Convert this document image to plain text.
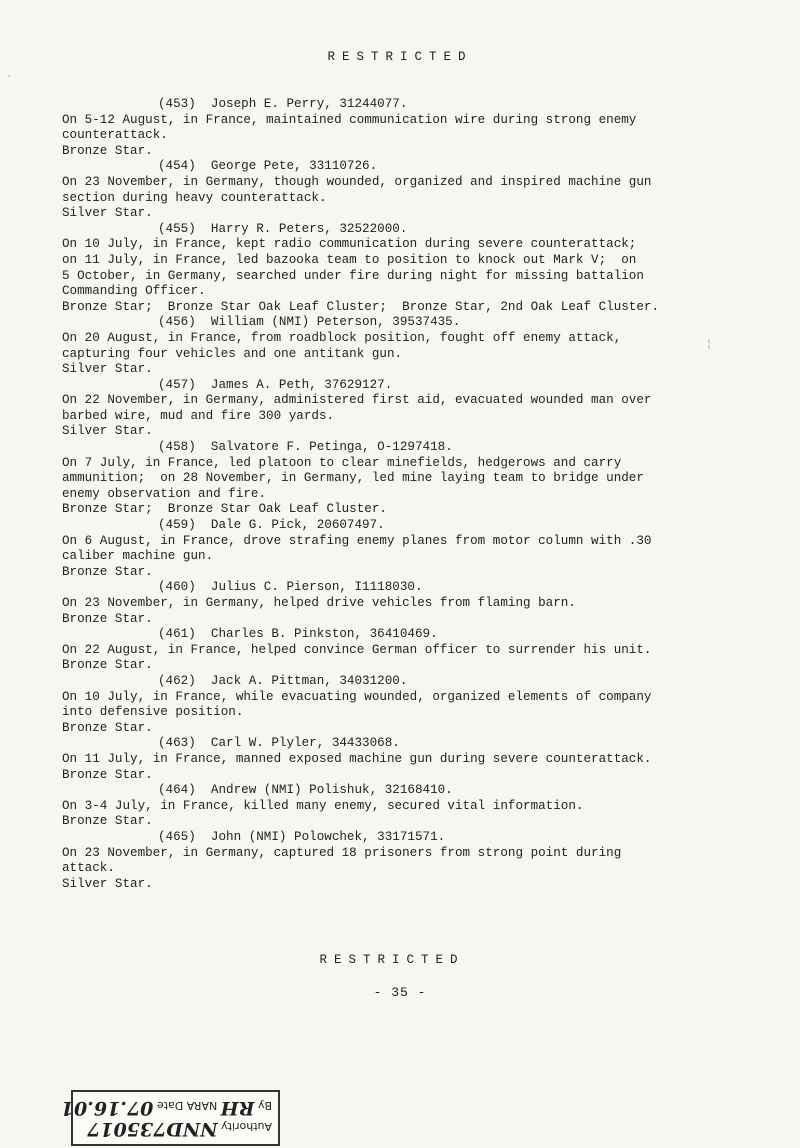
RESTRICTED
(453)  Joseph E. Perry, 31244077.
On 5-12 August, in France, maintained communication wire during strong enemy
counterattack.
Bronze Star.
(454)  George Pete, 33110726.
On 23 November, in Germany, though wounded, organized and inspired machine gun
section during heavy counterattack.
Silver Star.
(455)  Harry R. Peters, 32522000.
On 10 July, in France, kept radio communication during severe counterattack;
on 11 July, in France, led bazooka team to position to knock out Mark V;  on
5 October, in Germany, searched under fire during night for missing battalion
Commanding Officer.
Bronze Star;  Bronze Star Oak Leaf Cluster;  Bronze Star, 2nd Oak Leaf Cluster.
(456)  William (NMI) Peterson, 39537435.
On 20 August, in France, from roadblock position, fought off enemy attack,
capturing four vehicles and one antitank gun.
Silver Star.
(457)  James A. Peth, 37629127.
On 22 November, in Germany, administered first aid, evacuated wounded man over
barbed wire, mud and fire 300 yards.
Silver Star.
(458)  Salvatore F. Petinga, O-1297418.
On 7 July, in France, led platoon to clear minefields, hedgerows and carry
ammunition;  on 28 November, in Germany, led mine laying team to bridge under
enemy observation and fire.
Bronze Star;  Bronze Star Oak Leaf Cluster.
(459)  Dale G. Pick, 20607497.
On 6 August, in France, drove strafing enemy planes from motor column with .30
caliber machine gun.
Bronze Star.
(460)  Julius C. Pierson, I1118030.
On 23 November, in Germany, helped drive vehicles from flaming barn.
Bronze Star.
(461)  Charles B. Pinkston, 36410469.
On 22 August, in France, helped convince German officer to surrender his unit.
Bronze Star.
(462)  Jack A. Pittman, 34031200.
On 10 July, in France, while evacuating wounded, organized elements of company
into defensive position.
Bronze Star.
(463)  Carl W. Plyler, 34433068.
On 11 July, in France, manned exposed machine gun during severe counterattack.
Bronze Star.
(464)  Andrew (NMI) Polishuk, 32168410.
On 3-4 July, in France, killed many enemy, secured vital information.
Bronze Star.
(465)  John (NMI) Polowchek, 33171571.
On 23 November, in Germany, captured 18 prisoners from strong point during
attack.
Silver Star.
RESTRICTED
- 35 -
·
¦
Authority NND735017
By RH NARA Date 07.16.01
